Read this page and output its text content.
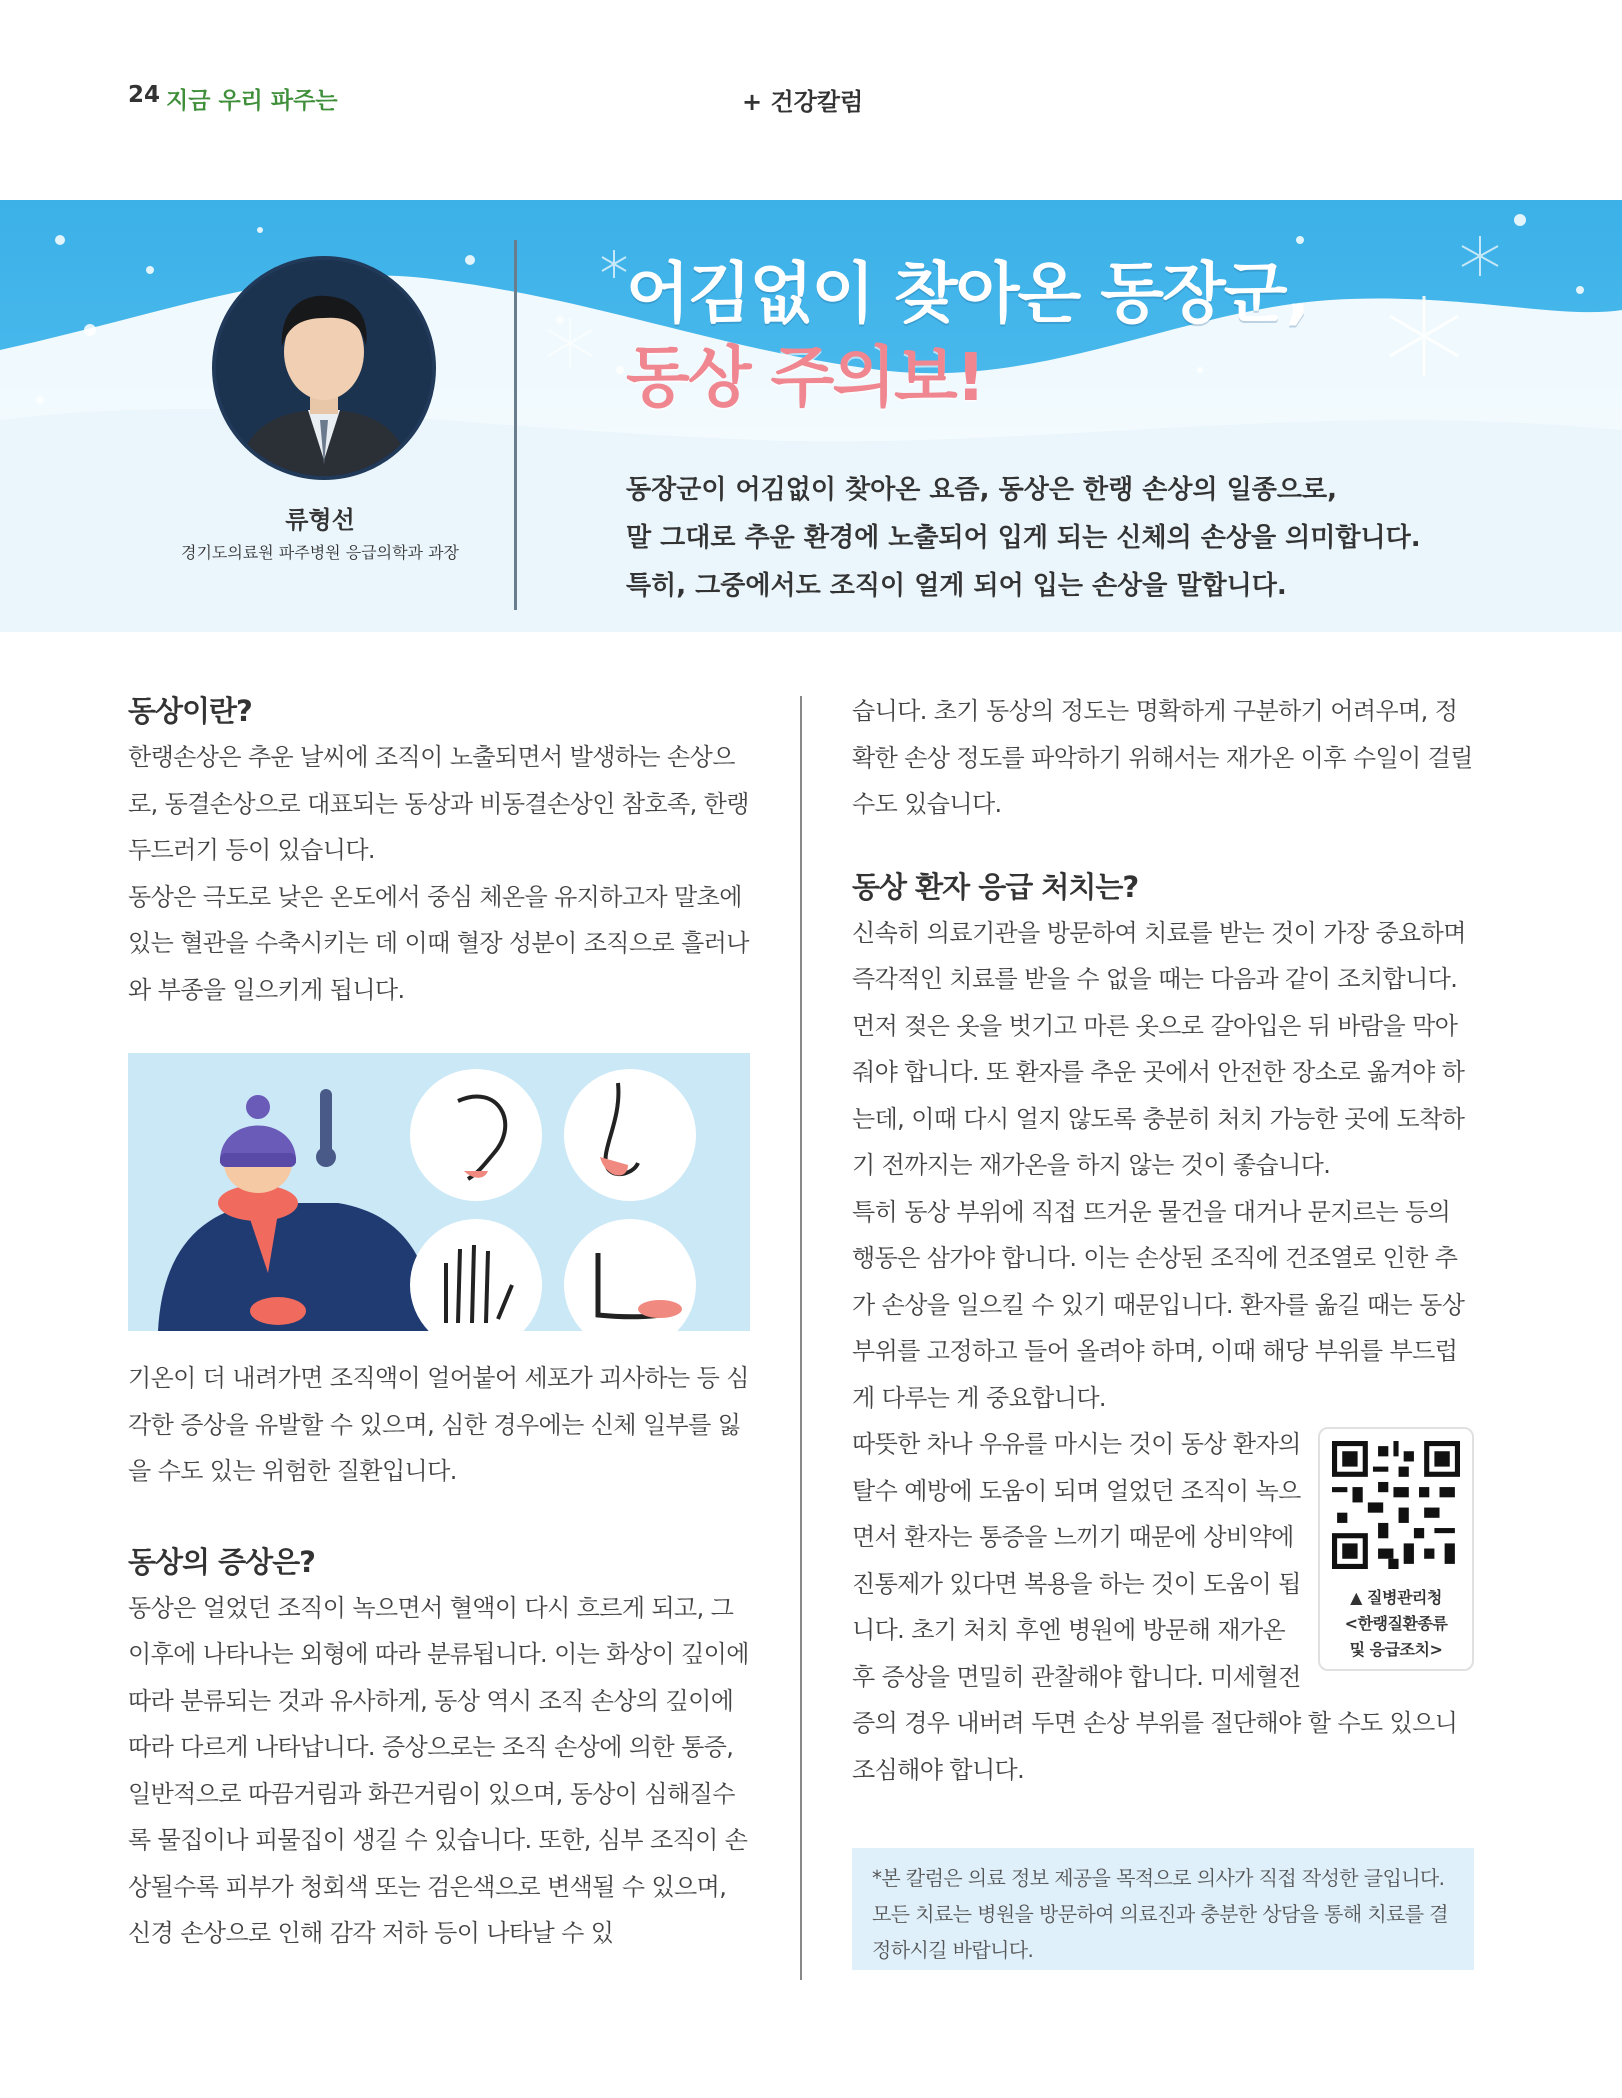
24 지금 우리 파주는	+ 건강칼럼
류형선
경기도의료원 파주병원 응급의학과 과장
어김없이 찾아온 동장군,
동상 주의보!

동장군이 어김없이 찾아온 요즘, 동상은 한랭 손상의 일종으로,

말 그대로 추운 환경에 노출되어 입게 되는 신체의 손상을 의미합니다.

특히, 그중에서도 조직이 얼게 되어 입는 손상을 말합니다.

동상이란?

한랭손상은 추운 날씨에 조직이 노출되면서 발생하는 손상으로, 동결손상으로 대표되는 동상과 비동결손상인 참호족, 한랭두드러기 등이 있습니다.

동상은 극도로 낮은 온도에서 중심 체온을 유지하고자 말초에 있는 혈관을 수축시키는 데 이때 혈장 성분이 조직으로 흘러나와 부종을 일으키게 됩니다.

기온이 더 내려가면 조직액이 얼어붙어 세포가 괴사하는 등 심각한 증상을 유발할 수 있으며, 심한 경우에는 신체 일부를 잃을 수도 있는 위험한 질환입니다.

동상의 증상은?

동상은 얼었던 조직이 녹으면서 혈액이 다시 흐르게 되고, 그 이후에 나타나는 외형에 따라 분류됩니다. 이는 화상이 깊이에 따라 분류되는 것과 유사하게, 동상 역시 조직 손상의 깊이에 따라 다르게 나타납니다. 증상으로는 조직 손상에 의한 통증, 일반적으로 따끔거림과 화끈거림이 있으며, 동상이 심해질수록 물집이나 피물집이 생길 수 있습니다. 또한, 심부 조직이 손상될수록 피부가 청회색 또는 검은색으로 변색될 수 있으며, 신경 손상으로 인해 감각 저하 등이 나타날 수 있

습니다. 초기 동상의 정도는 명확하게 구분하기 어려우며, 정확한 손상 정도를 파악하기 위해서는 재가온 이후 수일이 걸릴 수도 있습니다.

동상 환자 응급 처치는?

신속히 의료기관을 방문하여 치료를 받는 것이 가장 중요하며 즉각적인 치료를 받을 수 없을 때는 다음과 같이 조치합니다.

먼저 젖은 옷을 벗기고 마른 옷으로 갈아입은 뒤 바람을 막아줘야 합니다. 또 환자를 추운 곳에서 안전한 장소로 옮겨야 하는데, 이때 다시 얼지 않도록 충분히 처치 가능한 곳에 도착하기 전까지는 재가온을 하지 않는 것이 좋습니다.

특히 동상 부위에 직접 뜨거운 물건을 대거나 문지르는 등의 행동은 삼가야 합니다. 이는 손상된 조직에 건조열로 인한 추가 손상을 일으킬 수 있기 때문입니다. 환자를 옮길 때는 동상 부위를 고정하고 들어 올려야 하며, 이때 해당 부위를 부드럽게 다루는 게 중요합니다.

▲ 질병관리청
<한랭질환종류
및 응급조치>

따뜻한 차나 우유를 마시는 것이 동상 환자의 탈수 예방에 도움이 되며 얼었던 조직이 녹으면서 환자는 통증을 느끼기 때문에 상비약에 진통제가 있다면 복용을 하는 것이 도움이 됩니다. 초기 처치 후엔 병원에 방문해 재가온 후 증상을 면밀히 관찰해야 합니다. 미세혈전증의 경우 내버려 두면 손상 부위를 절단해야 할 수도 있으니 조심해야 합니다.

*본 칼럼은 의료 정보 제공을 목적으로 의사가 직접 작성한 글입니다. 모든 치료는 병원을 방문하여 의료진과 충분한 상담을 통해 치료를 결정하시길 바랍니다.
